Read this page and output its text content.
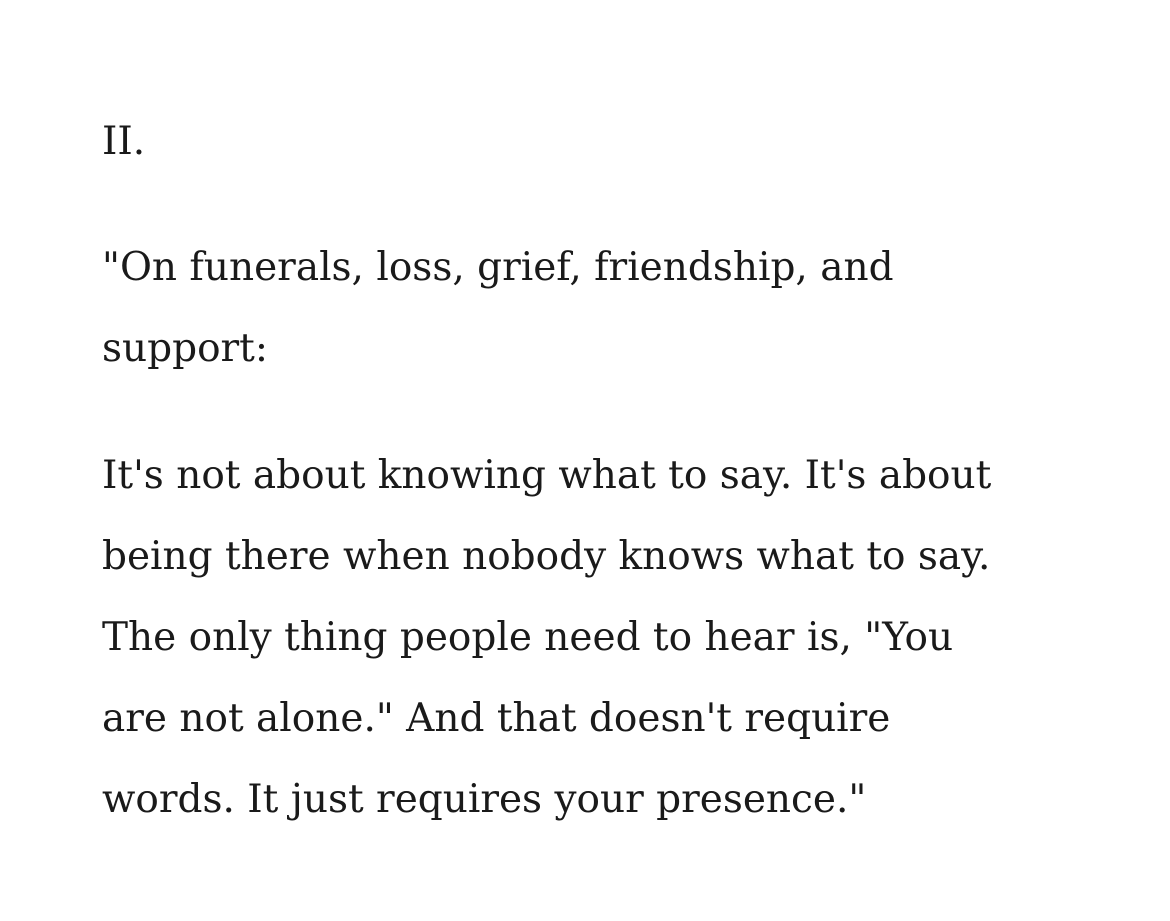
II.

"On funerals, loss, grief, friendship, and
support:

It's not about knowing what to say. It's about
being there when nobody knows what to say.
The only thing people need to hear is, "You
are not alone." And that doesn't require
words. It just requires your presence."
